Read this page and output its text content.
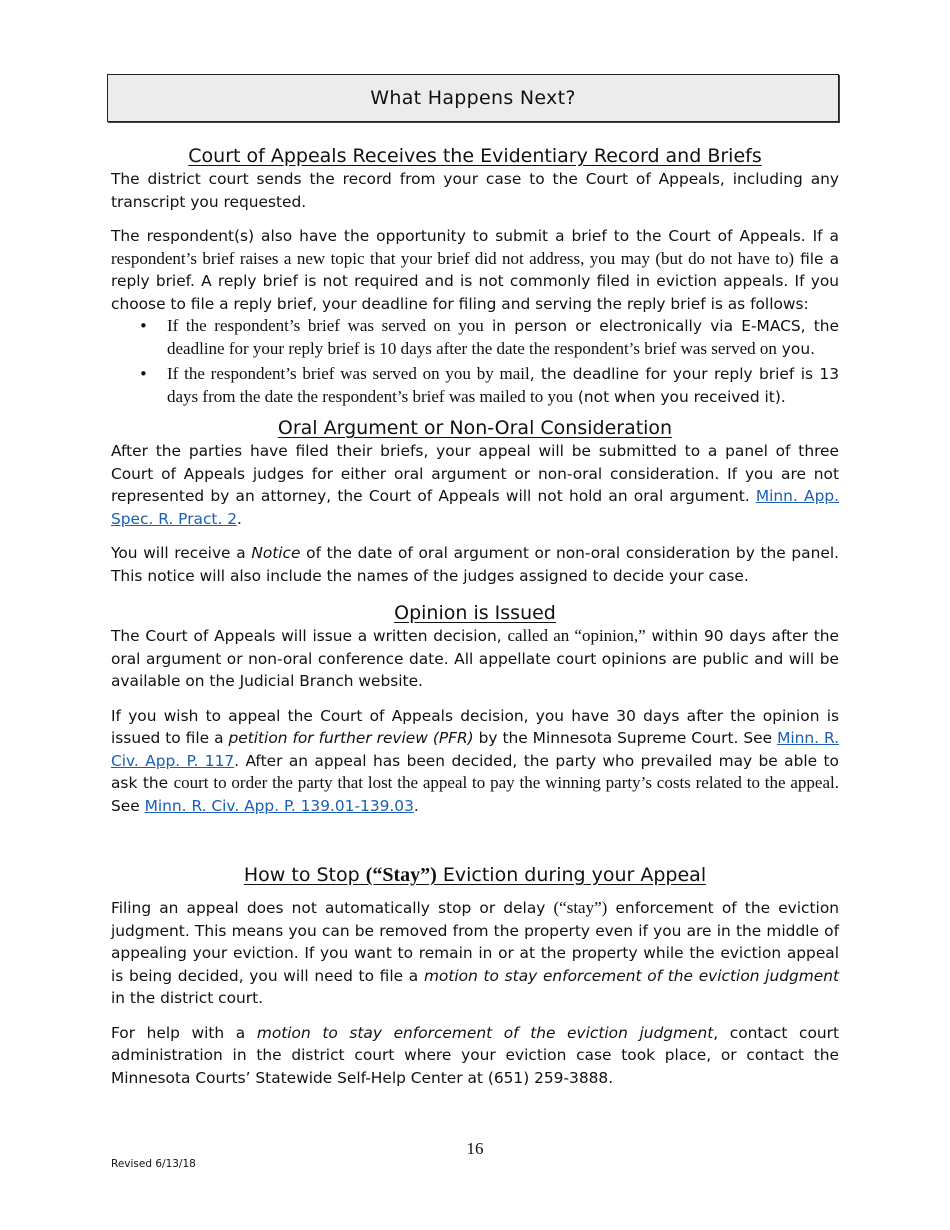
What Happens Next?
Court of Appeals Receives the Evidentiary Record and Briefs

The district court sends the record from your case to the Court of Appeals, including any transcript you requested.

The respondent(s) also have the opportunity to submit a brief to the Court of Appeals. If a respondent’s brief raises a new topic that your brief did not address, you may (but do not have to) file a reply brief. A reply brief is not required and is not commonly filed in eviction appeals. If you choose to file a reply brief, your deadline for filing and serving the reply brief is as follows:

• If the respondent’s brief was served on you in person or electronically via E-MACS, the deadline for your reply brief is 10 days after the date the respondent’s brief was served on you.
• If the respondent’s brief was served on you by mail, the deadline for your reply brief is 13 days from the date the respondent’s brief was mailed to you (not when you received it).
Oral Argument or Non-Oral Consideration

After the parties have filed their briefs, your appeal will be submitted to a panel of three Court of Appeals judges for either oral argument or non-oral consideration. If you are not represented by an attorney, the Court of Appeals will not hold an oral argument. Minn. App. Spec. R. Pract. 2.

You will receive a Notice of the date of oral argument or non-oral consideration by the panel. This notice will also include the names of the judges assigned to decide your case.

Opinion is Issued

The Court of Appeals will issue a written decision, called an “opinion,” within 90 days after the oral argument or non-oral conference date. All appellate court opinions are public and will be available on the Judicial Branch website.

If you wish to appeal the Court of Appeals decision, you have 30 days after the opinion is issued to file a petition for further review (PFR) by the Minnesota Supreme Court. See Minn. R. Civ. App. P. 117. After an appeal has been decided, the party who prevailed may be able to ask the court to order the party that lost the appeal to pay the winning party’s costs related to the appeal. See Minn. R. Civ. App. P. 139.01-139.03.

How to Stop (“Stay”) Eviction during your Appeal

Filing an appeal does not automatically stop or delay (“stay”) enforcement of the eviction judgment. This means you can be removed from the property even if you are in the middle of appealing your eviction. If you want to remain in or at the property while the eviction appeal is being decided, you will need to file a motion to stay enforcement of the eviction judgment in the district court.

For help with a motion to stay enforcement of the eviction judgment, contact court administration in the district court where your eviction case took place, or contact the Minnesota Courts’ Statewide Self-Help Center at (651) 259-3888.

16
Revised 6/13/18
